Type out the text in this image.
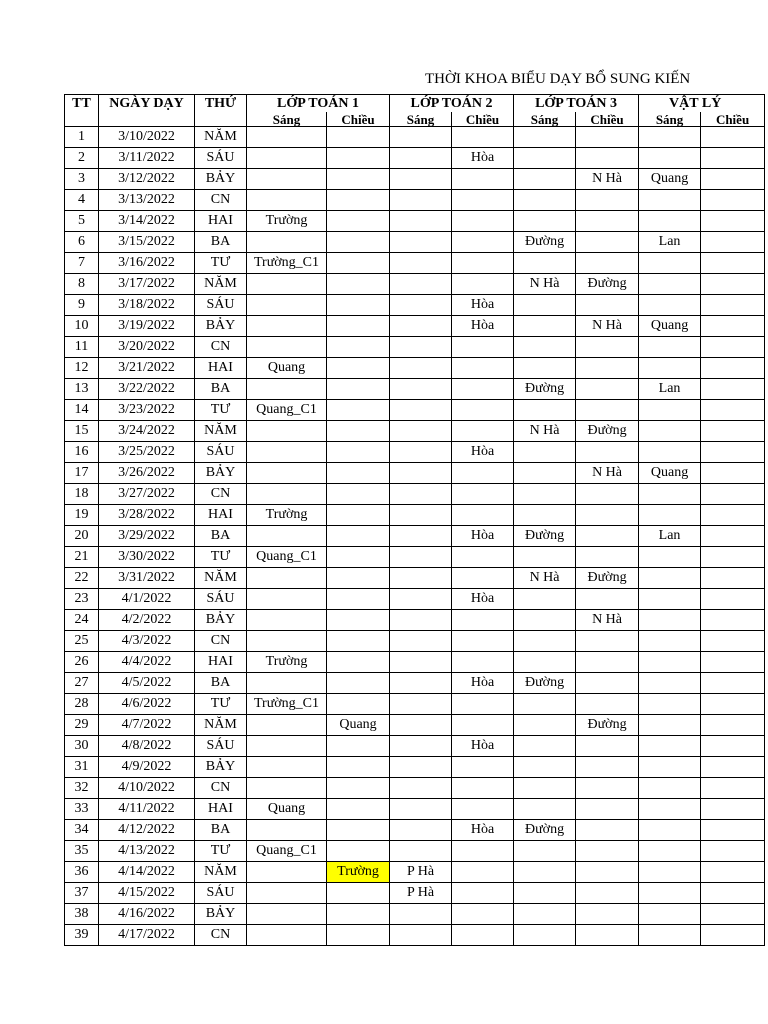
THỜI KHOA BIỂU DẠY BỔ SUNG KIẾN
TT	NGÀY DẠY	THỨ	LỚP TOÁN 1		LỚP TOÁN 2		LỚP TOÁN 3		VẬT LÝ	
			Sáng	Chiều	Sáng	Chiều	Sáng	Chiều	Sáng	Chiều
1	3/10/2022	NĂM								
2	3/11/2022	SÁU				Hòa				
3	3/12/2022	BẢY						N Hà	Quang	
4	3/13/2022	CN								
5	3/14/2022	HAI	Trường							
6	3/15/2022	BA					Đường		Lan	
7	3/16/2022	TƯ	Trường_C1							
8	3/17/2022	NĂM					N Hà	Đường		
9	3/18/2022	SÁU				Hòa				
10	3/19/2022	BẢY				Hòa		N Hà	Quang	
11	3/20/2022	CN								
12	3/21/2022	HAI	Quang							
13	3/22/2022	BA					Đường		Lan	
14	3/23/2022	TƯ	Quang_C1							
15	3/24/2022	NĂM					N Hà	Đường		
16	3/25/2022	SÁU				Hòa				
17	3/26/2022	BẢY						N Hà	Quang	
18	3/27/2022	CN								
19	3/28/2022	HAI	Trường							
20	3/29/2022	BA				Hòa	Đường		Lan	
21	3/30/2022	TƯ	Quang_C1							
22	3/31/2022	NĂM					N Hà	Đường		
23	4/1/2022	SÁU				Hòa				
24	4/2/2022	BẢY						N Hà		
25	4/3/2022	CN								
26	4/4/2022	HAI	Trường							
27	4/5/2022	BA				Hòa	Đường			
28	4/6/2022	TƯ	Trường_C1							
29	4/7/2022	NĂM		Quang				Đường		
30	4/8/2022	SÁU				Hòa				
31	4/9/2022	BẢY								
32	4/10/2022	CN								
33	4/11/2022	HAI	Quang							
34	4/12/2022	BA				Hòa	Đường			
35	4/13/2022	TƯ	Quang_C1							
36	4/14/2022	NĂM		Trường	P Hà					
37	4/15/2022	SÁU			P Hà					
38	4/16/2022	BẢY								
39	4/17/2022	CN								
